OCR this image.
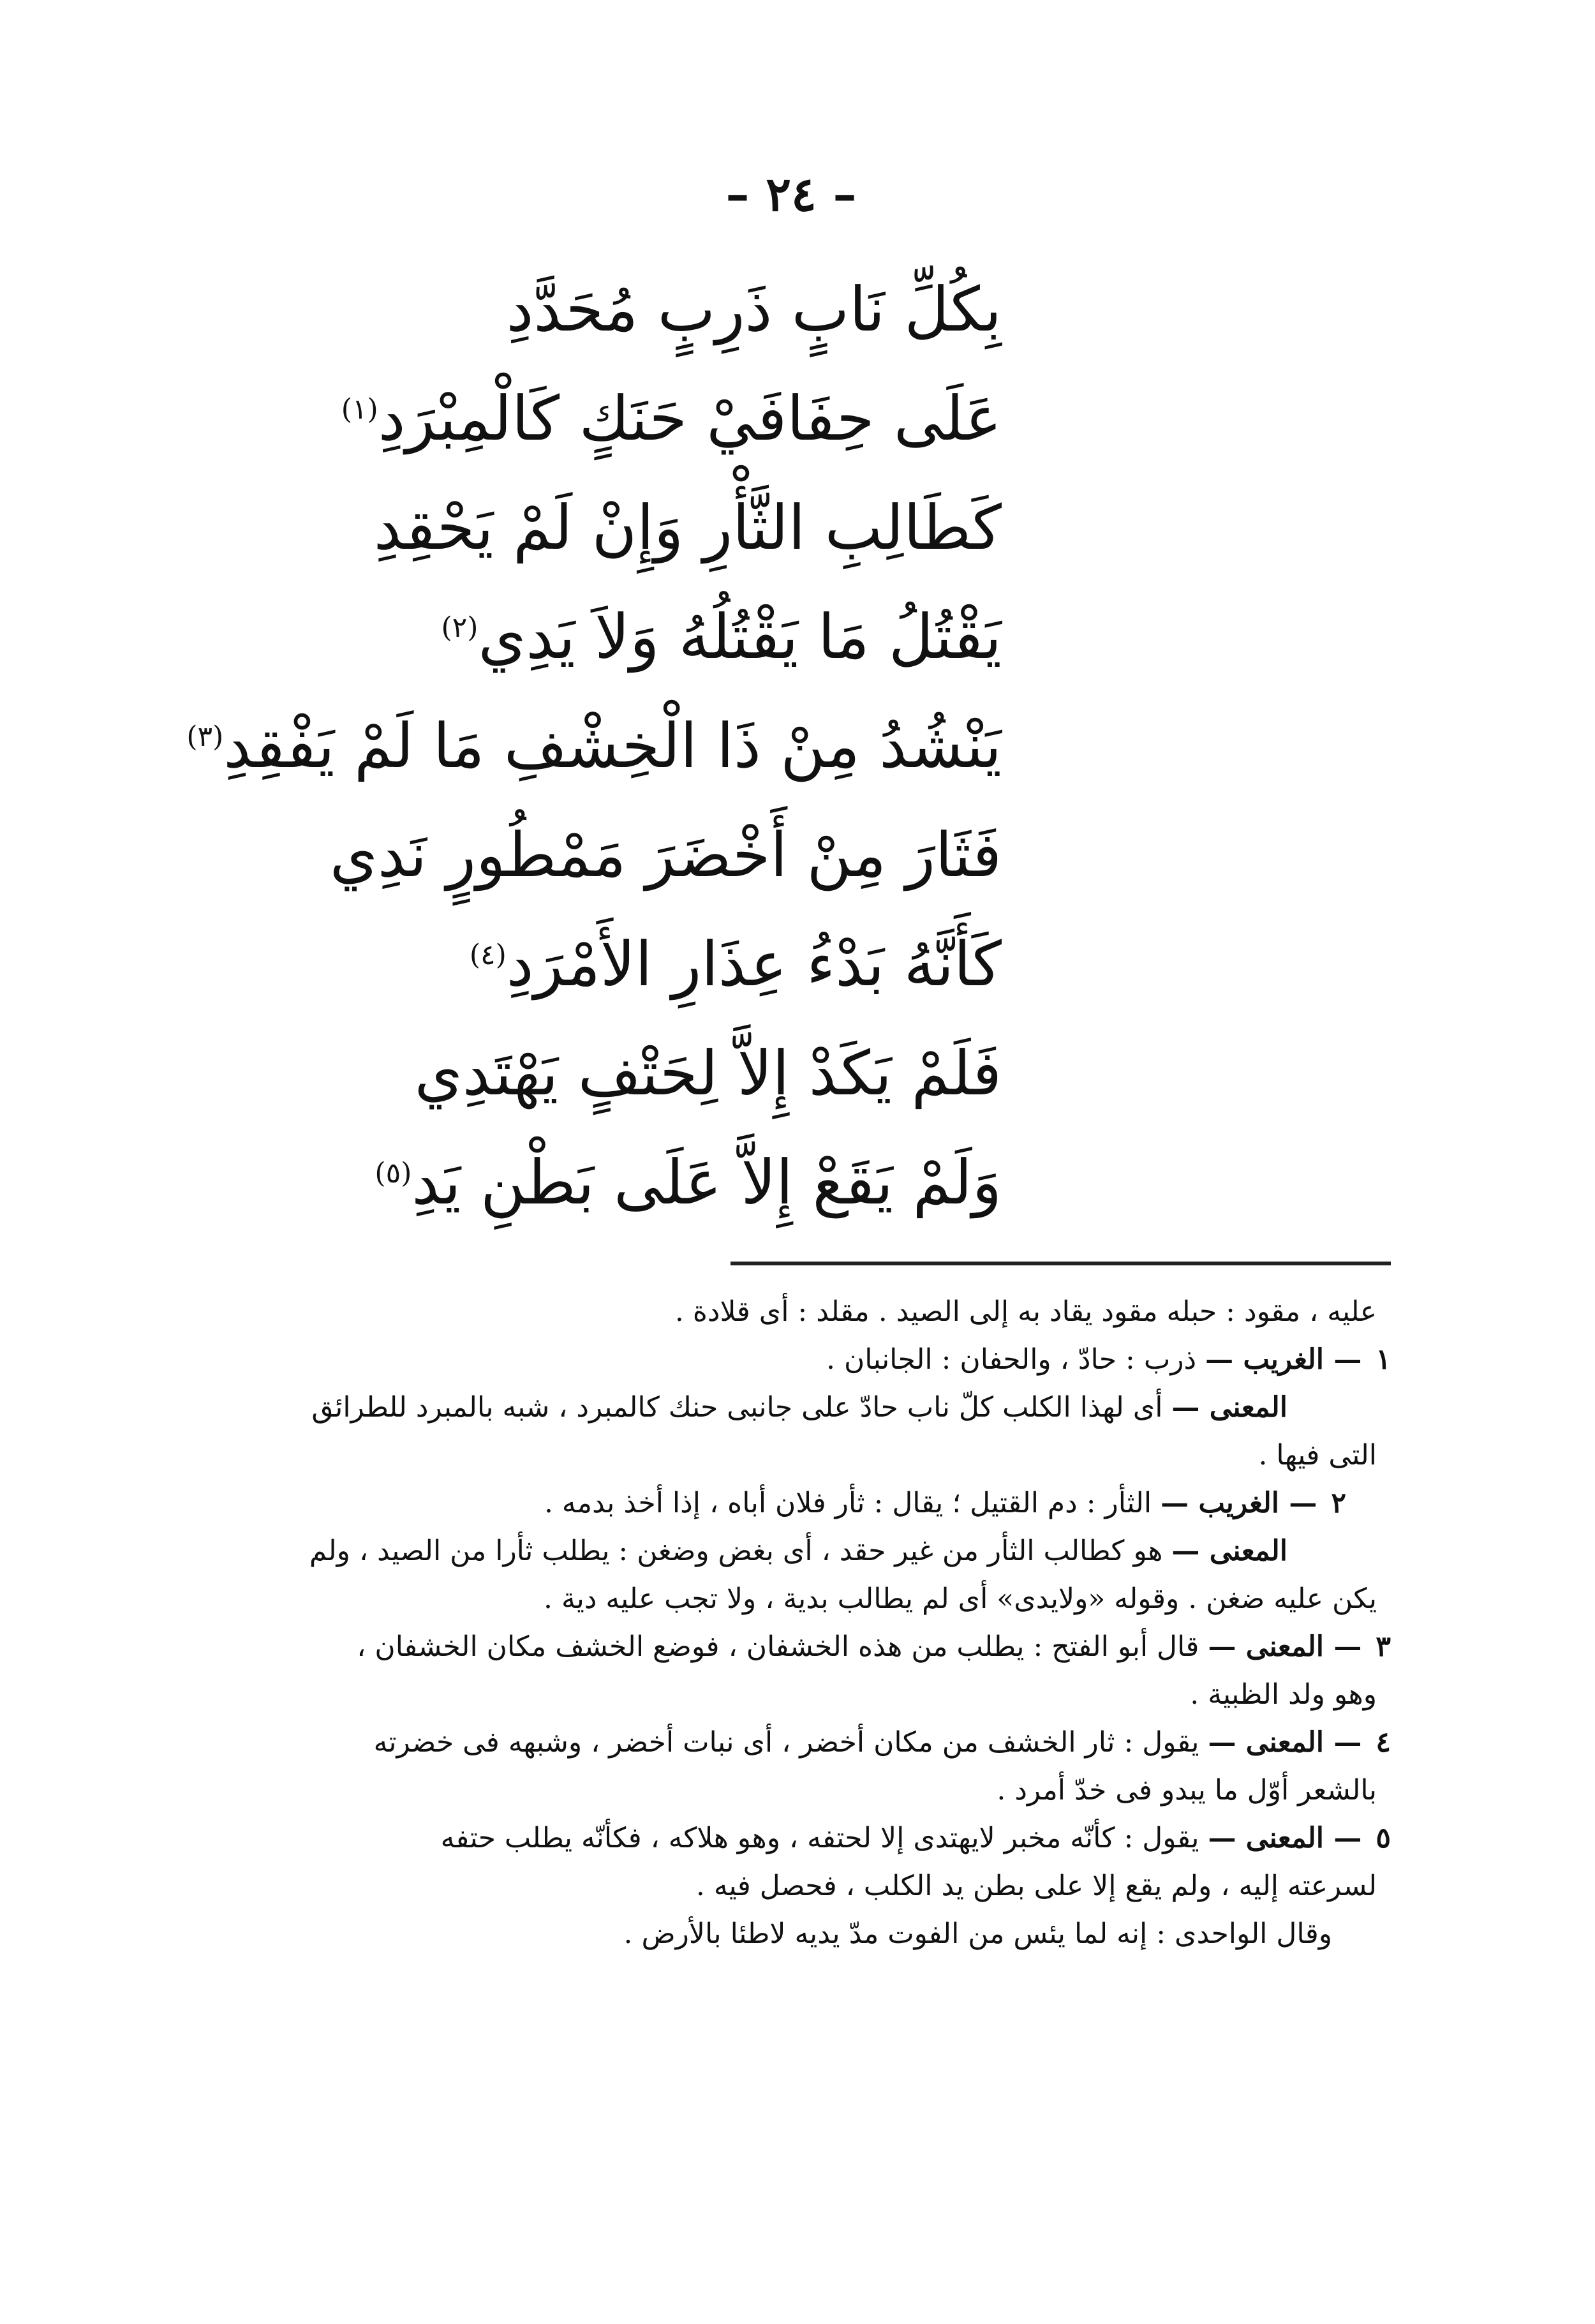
– ٢٤ –
بِكُلِّ نَابٍ ذَرِبٍ مُحَدَّدِ
عَلَى حِفَافَيْ حَنَكٍ كَالْمِبْرَدِ$^{(١)}$
كَطَالِبِ الثَّأْرِ وَإِنْ لَمْ يَحْقِدِ
يَقْتُلُ مَا يَقْتُلُهُ وَلاَ يَدِي$^{(٢)}$
يَنْشُدُ مِنْ ذَا الْخِشْفِ مَا لَمْ يَفْقِدِ$^{(٣)}$
فَثَارَ مِنْ أَخْضَرَ مَمْطُورٍ نَدِي
كَأَنَّهُ بَدْءُ عِذَارِ الأَمْرَدِ$^{(٤)}$
فَلَمْ يَكَدْ إِلاَّ لِحَتْفٍ يَهْتَدِي
وَلَمْ يَقَعْ إِلاَّ عَلَى بَطْنِ يَدِ$^{(٥)}$
عليه ، مقود : حبله مقود يقاد به إلى الصيد . مقلد : أى قلادة .
١— الغريب — ذرب : حادّ ، والحفان : الجانبان .
المعنى — أى لهذا الكلب كلّ ناب حادّ على جانبى حنك كالمبرد ، شبه بالمبرد للطرائق
التى فيها .
٢— الغريب — الثأر : دم القتيل ؛ يقال : ثأر فلان أباه ، إذا أخذ بدمه .
المعنى — هو كطالب الثأر من غير حقد ، أى بغض وضغن : يطلب ثأرا من الصيد ، ولم
يكن عليه ضغن . وقوله «ولايدى» أى لم يطالب بدية ، ولا تجب عليه دية .
٣— المعنى — قال أبو الفتح : يطلب من هذه الخشفان ، فوضع الخشف مكان الخشفان ،
وهو ولد الظبية .
٤— المعنى — يقول : ثار الخشف من مكان أخضر ، أى نبات أخضر ، وشبهه فى خضرته
بالشعر أوّل ما يبدو فى خدّ أمرد .
٥— المعنى — يقول : كأنّه مخبر لايهتدى إلا لحتفه ، وهو هلاكه ، فكأنّه يطلب حتفه
لسرعته إليه ، ولم يقع إلا على بطن يد الكلب ، فحصل فيه .
وقال الواحدى : إنه لما يئس من الفوت مدّ يديه لاطئا بالأرض .
